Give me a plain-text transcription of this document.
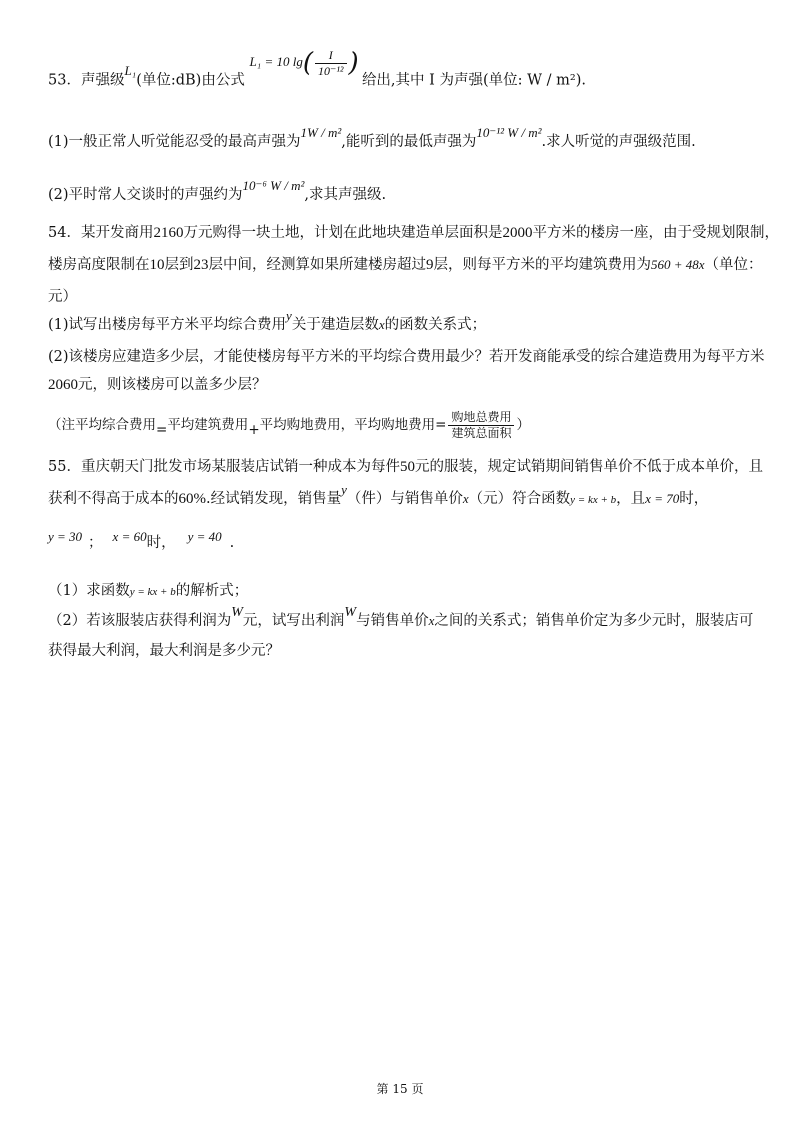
53．声强级L₁(单位:dB)由公式 L₁ = 10 $\lg( \frac{I}{\text{10⁻¹²}}$ ) 给出,其中 I 为声强(单位: W / m²).
(1)一般正常人听觉能忍受的最高声强为1W / m²,能听到的最低声强为10⁻¹² W / m².求人听觉的声强级范围.
(2)平时常人交谈时的声强约为10⁻⁶ W / m²,求其声强级.
54．某开发商用2160万元购得一块土地，计划在此地块建造单层面积是2000平方米的楼房一座，由于受规划限制，
楼房高度限制在10层到23层中间，经测算如果所建楼房超过9层，则每平方米的平均建筑费用为560 + 48x（单位：
元）
(1)试写出楼房每平方米平均综合费用y关于建造层数x的函数关系式；
(2)该楼房应建造多少层，才能使楼房每平方米的平均综合费用最少？若开发商能承受的综合建造费用为每平方米
2060元，则该楼房可以盖多少层？
（注平均综合费用=平均建筑费用+平均购地费用，平均购地费用= $\frac{\text{购地总费用}}{\text{建筑总面积}}$ ）
55．重庆朝天门批发市场某服装店试销一种成本为每件50元的服装，规定试销期间销售单价不低于成本单价，且
获利不得高于成本的60%.经试销发现，销售量y（件）与销售单价x（元）符合函数y = kx + b，且x = 70时，
y = 30 ； x = 60时， y = 40 .
（1）求函数y = kx + b的解析式；
（2）若该服装店获得利润为W元，试写出利润W与销售单价x之间的关系式；销售单价定为多少元时，服装店可
获得最大利润，最大利润是多少元？
第 15 页
